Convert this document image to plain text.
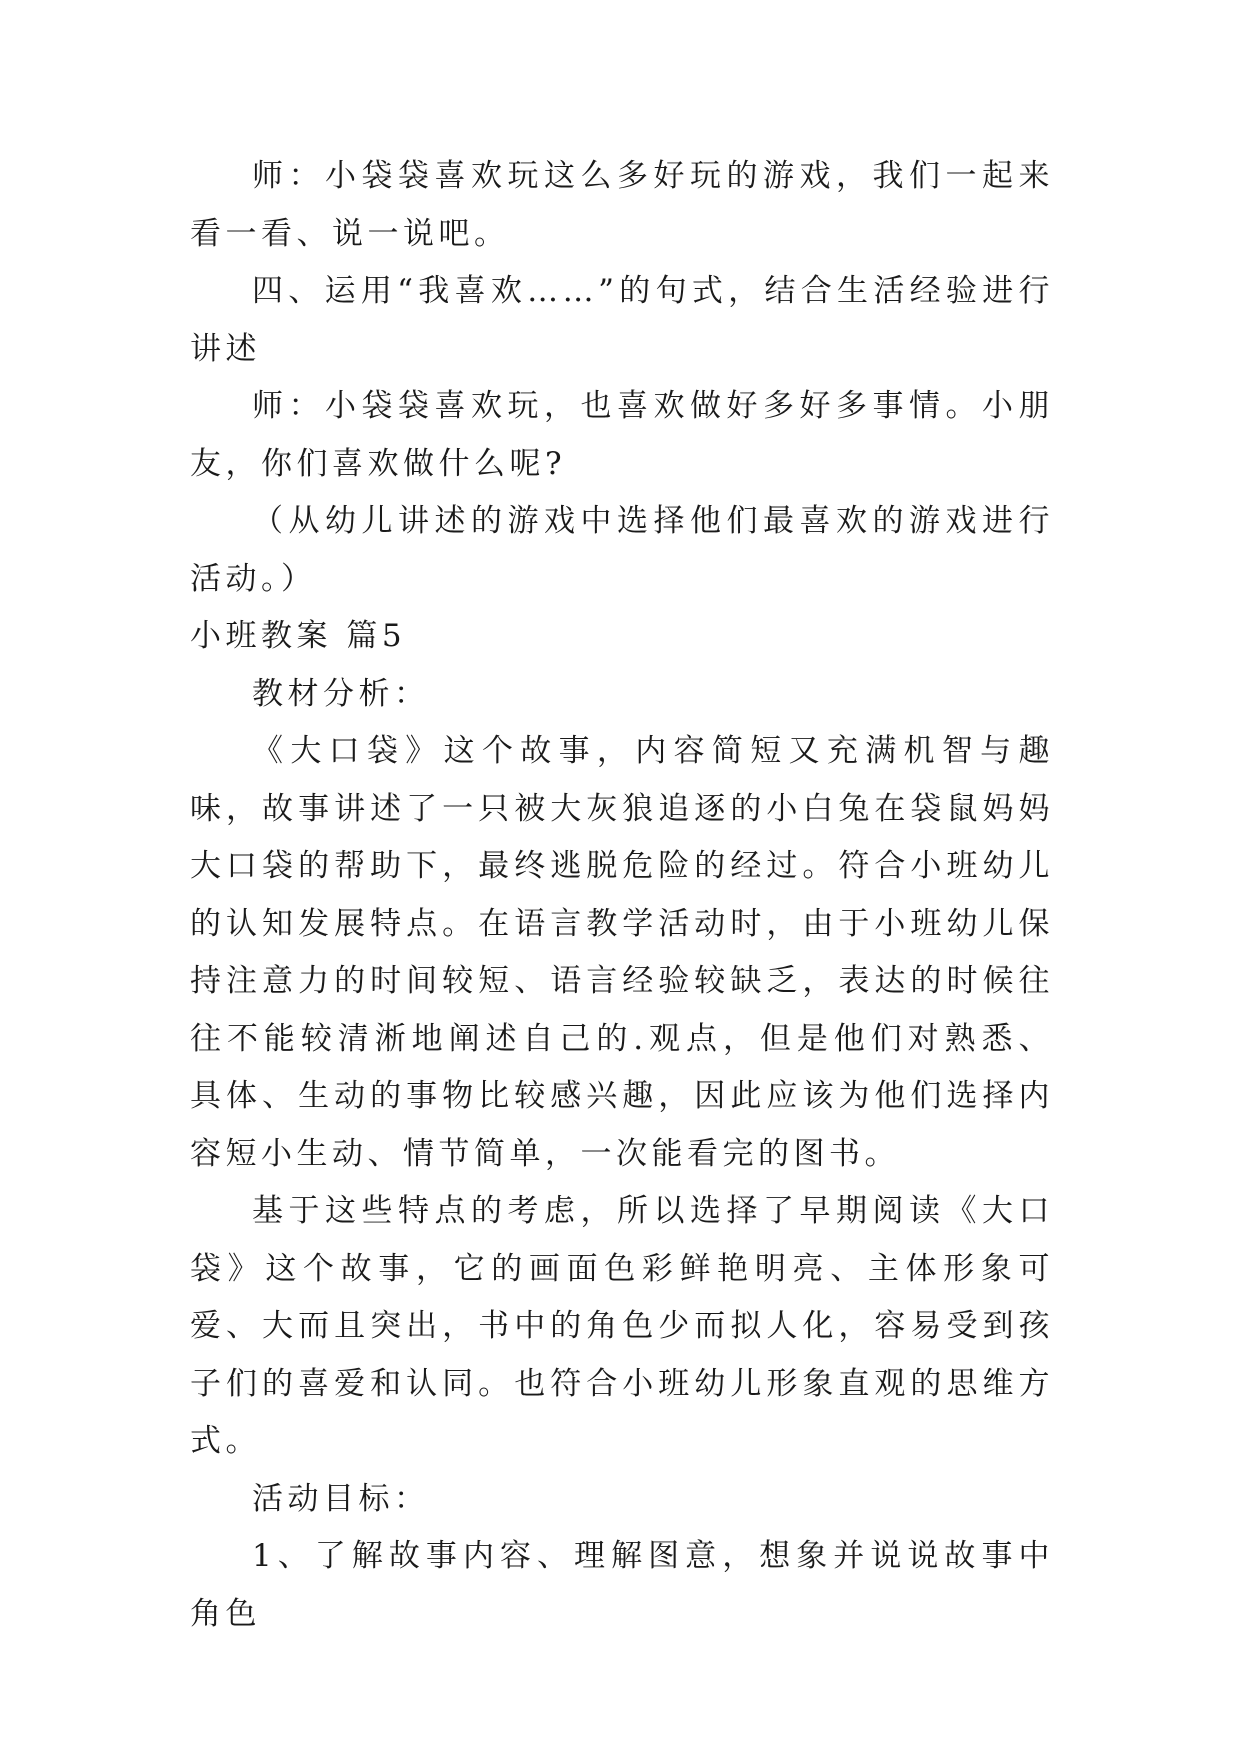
师：小袋袋喜欢玩这么多好玩的游戏，我们一起来看一看、说一说吧。

四、运用“我喜欢……”的句式，结合生活经验进行讲述

师：小袋袋喜欢玩，也喜欢做好多好多事情。小朋友，你们喜欢做什么呢?

（从幼儿讲述的游戏中选择他们最喜欢的游戏进行活动。）

小班教案 篇5

教材分析：

《大口袋》这个故事，内容简短又充满机智与趣味，故事讲述了一只被大灰狼追逐的小白兔在袋鼠妈妈大口袋的帮助下，最终逃脱危险的经过。符合小班幼儿的认知发展特点。在语言教学活动时，由于小班幼儿保持注意力的时间较短、语言经验较缺乏，表达的时候往往不能较清淅地阐述自己的.观点，但是他们对熟悉、具体、生动的事物比较感兴趣，因此应该为他们选择内容短小生动、情节简单，一次能看完的图书。

基于这些特点的考虑，所以选择了早期阅读《大口袋》这个故事，它的画面色彩鲜艳明亮、主体形象可爱、大而且突出，书中的角色少而拟人化，容易受到孩子们的喜爱和认同。也符合小班幼儿形象直观的思维方式。

活动目标：

1、了解故事内容、理解图意，想象并说说故事中角色
